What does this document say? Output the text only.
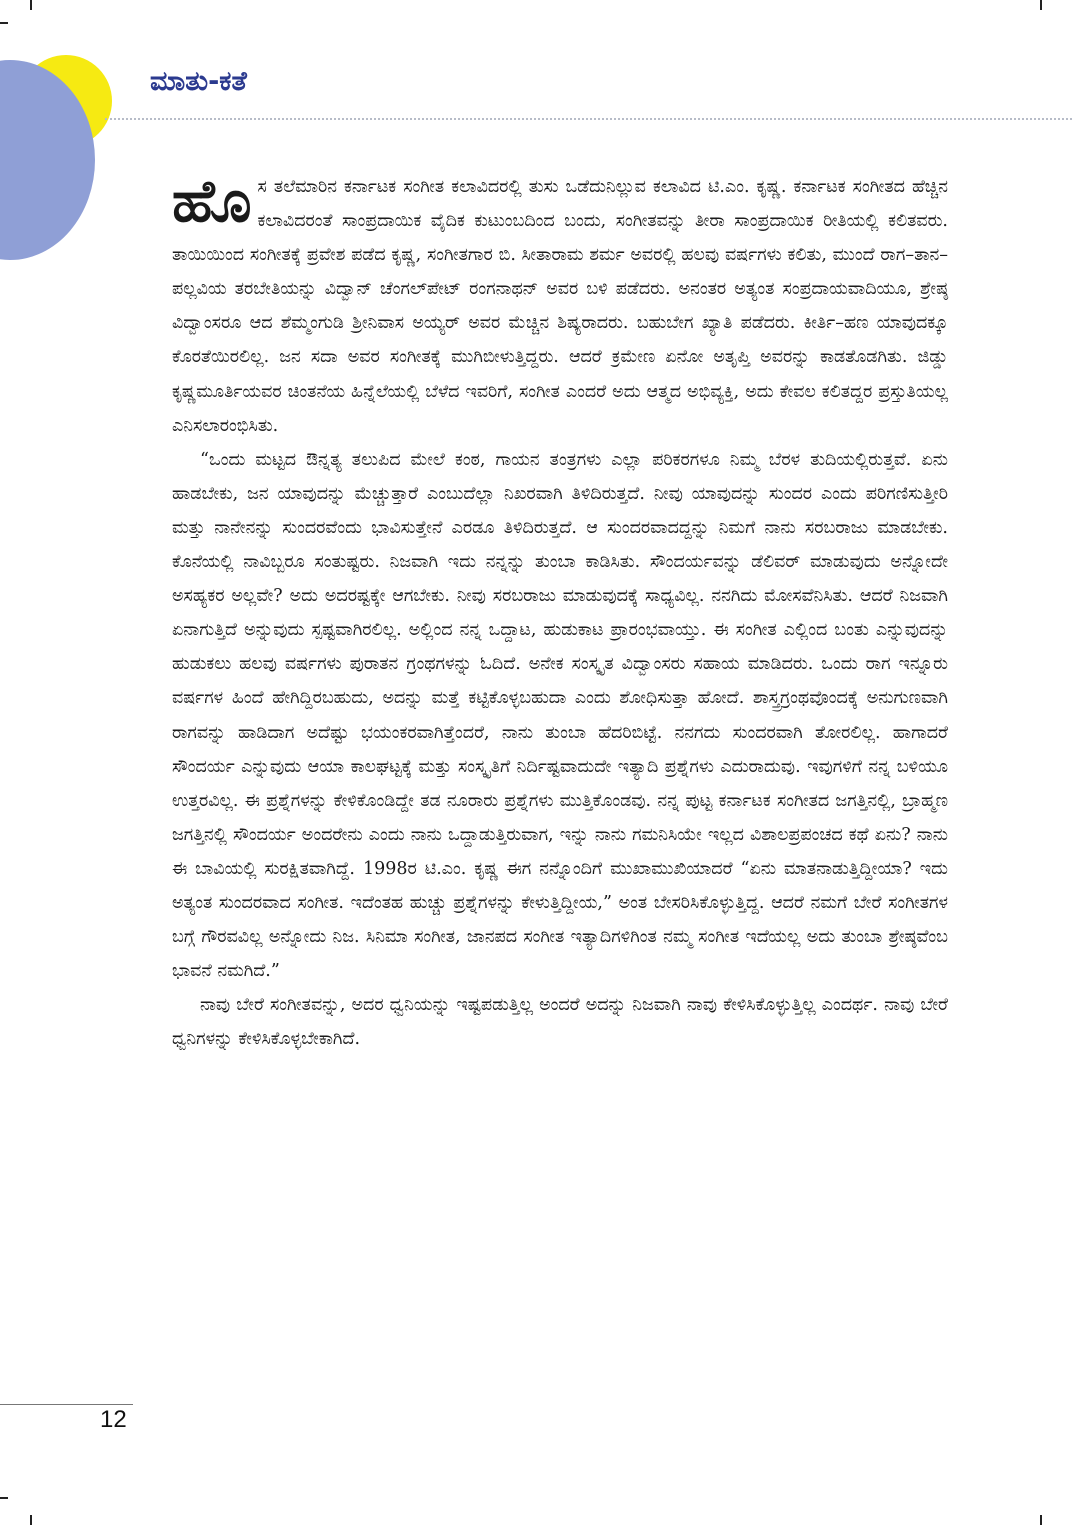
ಮಾತು-ಕತೆ

ಹೊಸ ತಲೆಮಾರಿನ ಕರ್ನಾಟಕ ಸಂಗೀತ ಕಲಾವಿದರಲ್ಲಿ ತುಸು ಒಡೆದುನಿಲ್ಲುವ ಕಲಾವಿದ ಟಿ.ಎಂ. ಕೃಷ್ಣ. ಕರ್ನಾಟಕ ಸಂಗೀತದ ಹೆಚ್ಚಿನ ಕಲಾವಿದರಂತೆ ಸಾಂಪ್ರದಾಯಿಕ ವೈದಿಕ ಕುಟುಂಬದಿಂದ ಬಂದು, ಸಂಗೀತವನ್ನು ತೀರಾ ಸಾಂಪ್ರದಾಯಿಕ ರೀತಿಯಲ್ಲಿ ಕಲಿತವರು. ತಾಯಿಯಿಂದ ಸಂಗೀತಕ್ಕೆ ಪ್ರವೇಶ ಪಡೆದ ಕೃಷ್ಣ, ಸಂಗೀತಗಾರ ಬಿ. ಸೀತಾರಾಮ ಶರ್ಮ ಅವರಲ್ಲಿ ಹಲವು ವರ್ಷಗಳು ಕಲಿತು, ಮುಂದೆ ರಾಗ–ತಾನ–ಪಲ್ಲವಿಯ ತರಬೇತಿಯನ್ನು ವಿದ್ವಾನ್ ಚೆಂಗಲ್‌ಪೇಟ್ ರಂಗನಾಥನ್ ಅವರ ಬಳಿ ಪಡೆದರು. ಅನಂತರ ಅತ್ಯಂತ ಸಂಪ್ರದಾಯವಾದಿಯೂ, ಶ್ರೇಷ್ಠ ವಿದ್ವಾಂಸರೂ ಆದ ಶೆಮ್ಮಂಗುಡಿ ಶ್ರೀನಿವಾಸ ಅಯ್ಯರ್ ಅವರ ಮೆಚ್ಚಿನ ಶಿಷ್ಯರಾದರು. ಬಹುಬೇಗ ಖ್ಯಾತಿ ಪಡೆದರು. ಕೀರ್ತಿ–ಹಣ ಯಾವುದಕ್ಕೂ ಕೊರತೆಯಿರಲಿಲ್ಲ. ಜನ ಸದಾ ಅವರ ಸಂಗೀತಕ್ಕೆ ಮುಗಿಬೀಳುತ್ತಿದ್ದರು. ಆದರೆ ಕ್ರಮೇಣ ಏನೋ ಅತೃಪ್ತಿ ಅವರನ್ನು ಕಾಡತೊಡಗಿತು. ಜಿಡ್ಡು ಕೃಷ್ಣಮೂರ್ತಿಯವರ ಚಿಂತನೆಯ ಹಿನ್ನೆಲೆಯಲ್ಲಿ ಬೆಳೆದ ಇವರಿಗೆ, ಸಂಗೀತ ಎಂದರೆ ಅದು ಆತ್ಮದ ಅಭಿವ್ಯಕ್ತಿ, ಅದು ಕೇವಲ ಕಲಿತದ್ದರ ಪ್ರಸ್ತುತಿಯಲ್ಲ ಎನಿಸಲಾರಂಭಿಸಿತು.

“ಒಂದು ಮಟ್ಟದ ಔನ್ನತ್ಯ ತಲುಪಿದ ಮೇಲೆ ಕಂಠ, ಗಾಯನ ತಂತ್ರಗಳು ಎಲ್ಲಾ ಪರಿಕರಗಳೂ ನಿಮ್ಮ ಬೆರಳ ತುದಿಯಲ್ಲಿರುತ್ತವೆ. ಏನು ಹಾಡಬೇಕು, ಜನ ಯಾವುದನ್ನು ಮೆಚ್ಚುತ್ತಾರೆ ಎಂಬುದೆಲ್ಲಾ ನಿಖರವಾಗಿ ತಿಳಿದಿರುತ್ತದೆ. ನೀವು ಯಾವುದನ್ನು ಸುಂದರ ಎಂದು ಪರಿಗಣಿಸುತ್ತೀರಿ ಮತ್ತು ನಾನೇನನ್ನು ಸುಂದರವೆಂದು ಭಾವಿಸುತ್ತೇನೆ ಎರಡೂ ತಿಳಿದಿರುತ್ತದೆ. ಆ ಸುಂದರವಾದದ್ದನ್ನು ನಿಮಗೆ ನಾನು ಸರಬರಾಜು ಮಾಡಬೇಕು. ಕೊನೆಯಲ್ಲಿ ನಾವಿಬ್ಬರೂ ಸಂತುಷ್ಟರು. ನಿಜವಾಗಿ ಇದು ನನ್ನನ್ನು ತುಂಬಾ ಕಾಡಿಸಿತು. ಸೌಂದರ್ಯವನ್ನು ಡೆಲಿವರ್ ಮಾಡುವುದು ಅನ್ನೋದೇ ಅಸಹ್ಯಕರ ಅಲ್ಲವೇ? ಅದು ಅದರಷ್ಟಕ್ಕೇ ಆಗಬೇಕು. ನೀವು ಸರಬರಾಜು ಮಾಡುವುದಕ್ಕೆ ಸಾಧ್ಯವಿಲ್ಲ. ನನಗಿದು ಮೋಸವೆನಿಸಿತು. ಆದರೆ ನಿಜವಾಗಿ ಏನಾಗುತ್ತಿದೆ ಅನ್ನುವುದು ಸ್ಪಷ್ಟವಾಗಿರಲಿಲ್ಲ. ಅಲ್ಲಿಂದ ನನ್ನ ಒದ್ದಾಟ, ಹುಡುಕಾಟ ಪ್ರಾರಂಭವಾಯ್ತು. ಈ ಸಂಗೀತ ಎಲ್ಲಿಂದ ಬಂತು ಎನ್ನುವುದನ್ನು ಹುಡುಕಲು ಹಲವು ವರ್ಷಗಳು ಪುರಾತನ ಗ್ರಂಥಗಳನ್ನು ಓದಿದೆ. ಅನೇಕ ಸಂಸ್ಕೃತ ವಿದ್ವಾಂಸರು ಸಹಾಯ ಮಾಡಿದರು. ಒಂದು ರಾಗ ಇನ್ನೂರು ವರ್ಷಗಳ ಹಿಂದೆ ಹೇಗಿದ್ದಿರಬಹುದು, ಅದನ್ನು ಮತ್ತೆ ಕಟ್ಟಿಕೊಳ್ಳಬಹುದಾ ಎಂದು ಶೋಧಿಸುತ್ತಾ ಹೋದೆ. ಶಾಸ್ತ್ರಗ್ರಂಥವೊಂದಕ್ಕೆ ಅನುಗುಣವಾಗಿ ರಾಗವನ್ನು ಹಾಡಿದಾಗ ಅದೆಷ್ಟು ಭಯಂಕರವಾಗಿತ್ತೆಂದರೆ, ನಾನು ತುಂಬಾ ಹೆದರಿಬಿಟ್ಟೆ. ನನಗದು ಸುಂದರವಾಗಿ ತೋರಲಿಲ್ಲ. ಹಾಗಾದರೆ ಸೌಂದರ್ಯ ಎನ್ನುವುದು ಆಯಾ ಕಾಲಘಟ್ಟಕ್ಕೆ ಮತ್ತು ಸಂಸ್ಕೃತಿಗೆ ನಿರ್ದಿಷ್ಟವಾದುದೇ ಇತ್ಯಾದಿ ಪ್ರಶ್ನೆಗಳು ಎದುರಾದುವು. ಇವುಗಳಿಗೆ ನನ್ನ ಬಳಿಯೂ ಉತ್ತರವಿಲ್ಲ. ಈ ಪ್ರಶ್ನೆಗಳನ್ನು ಕೇಳಿಕೊಂಡಿದ್ದೇ ತಡ ನೂರಾರು ಪ್ರಶ್ನೆಗಳು ಮುತ್ತಿಕೊಂಡವು. ನನ್ನ ಪುಟ್ಟ ಕರ್ನಾಟಕ ಸಂಗೀತದ ಜಗತ್ತಿನಲ್ಲಿ, ಬ್ರಾಹ್ಮಣ ಜಗತ್ತಿನಲ್ಲಿ ಸೌಂದರ್ಯ ಅಂದರೇನು ಎಂದು ನಾನು ಒದ್ದಾಡುತ್ತಿರುವಾಗ, ಇನ್ನು ನಾನು ಗಮನಿಸಿಯೇ ಇಲ್ಲದ ವಿಶಾಲಪ್ರಪಂಚದ ಕಥೆ ಏನು? ನಾನು ಈ ಬಾವಿಯಲ್ಲಿ ಸುರಕ್ಷಿತವಾಗಿದ್ದೆ. 1998ರ ಟಿ.ಎಂ. ಕೃಷ್ಣ ಈಗ ನನ್ನೊಂದಿಗೆ ಮುಖಾಮುಖಿಯಾದರೆ “ಏನು ಮಾತನಾಡುತ್ತಿದ್ದೀಯಾ? ಇದು ಅತ್ಯಂತ ಸುಂದರವಾದ ಸಂಗೀತ. ಇದೆಂತಹ ಹುಚ್ಚು ಪ್ರಶ್ನೆಗಳನ್ನು ಕೇಳುತ್ತಿದ್ದೀಯ,” ಅಂತ ಬೇಸರಿಸಿಕೊಳ್ಳುತ್ತಿದ್ದ. ಆದರೆ ನಮಗೆ ಬೇರೆ ಸಂಗೀತಗಳ ಬಗ್ಗೆ ಗೌರವವಿಲ್ಲ ಅನ್ನೋದು ನಿಜ. ಸಿನಿಮಾ ಸಂಗೀತ, ಜಾನಪದ ಸಂಗೀತ ಇತ್ಯಾದಿಗಳಿಗಿಂತ ನಮ್ಮ ಸಂಗೀತ ಇದೆಯಲ್ಲ ಅದು ತುಂಬಾ ಶ್ರೇಷ್ಠವೆಂಬ ಭಾವನೆ ನಮಗಿದೆ.”

ನಾವು ಬೇರೆ ಸಂಗೀತವನ್ನು, ಅದರ ಧ್ವನಿಯನ್ನು ಇಷ್ಟಪಡುತ್ತಿಲ್ಲ ಅಂದರೆ ಅದನ್ನು ನಿಜವಾಗಿ ನಾವು ಕೇಳಿಸಿಕೊಳ್ಳುತ್ತಿಲ್ಲ ಎಂದರ್ಥ. ನಾವು ಬೇರೆ ಧ್ವನಿಗಳನ್ನು ಕೇಳಿಸಿಕೊಳ್ಳಬೇಕಾಗಿದೆ.

12
